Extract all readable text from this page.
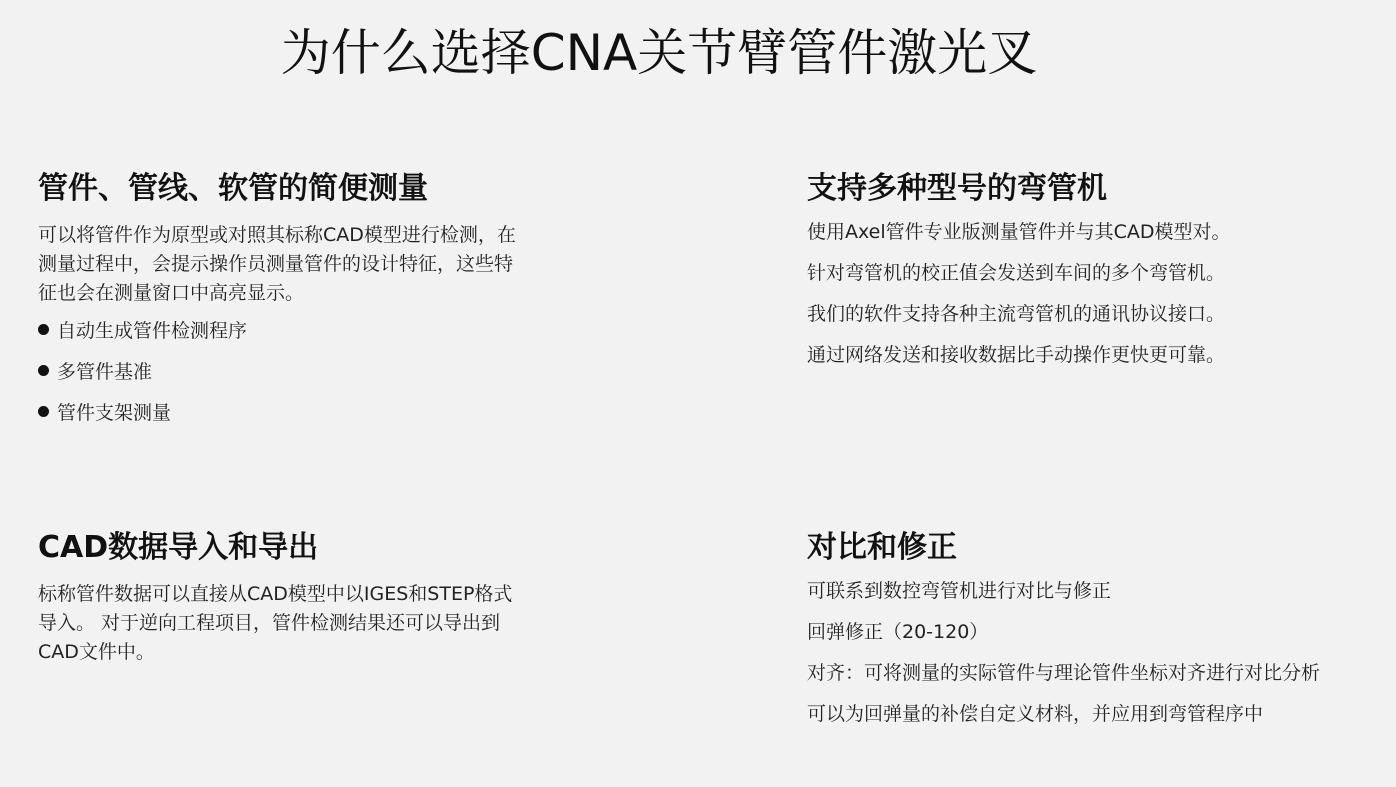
为什么选择CNA关节臂管件激光叉
管件、管线、软管的简便测量

可以将管件作为原型或对照其标称CAD模型进行检测，在测量过程中，会提示操作员测量管件的设计特征，这些特征也会在测量窗口中高亮显示。

自动生成管件检测程序

多管件基准

管件支架测量

支持多种型号的弯管机

使用Axel管件专业版测量管件并与其CAD模型对。

针对弯管机的校正值会发送到车间的多个弯管机。

我们的软件支持各种主流弯管机的通讯协议接口。

通过网络发送和接收数据比手动操作更快更可靠。

CAD数据导入和导出

标称管件数据可以直接从CAD模型中以IGES和STEP格式导入。 对于逆向工程项目，管件检测结果还可以导出到CAD文件中。

对比和修正

可联系到数控弯管机进行对比与修正

回弹修正（20-120）

对齐：可将测量的实际管件与理论管件坐标对齐进行对比分析

可以为回弹量的补偿自定义材料，并应用到弯管程序中
